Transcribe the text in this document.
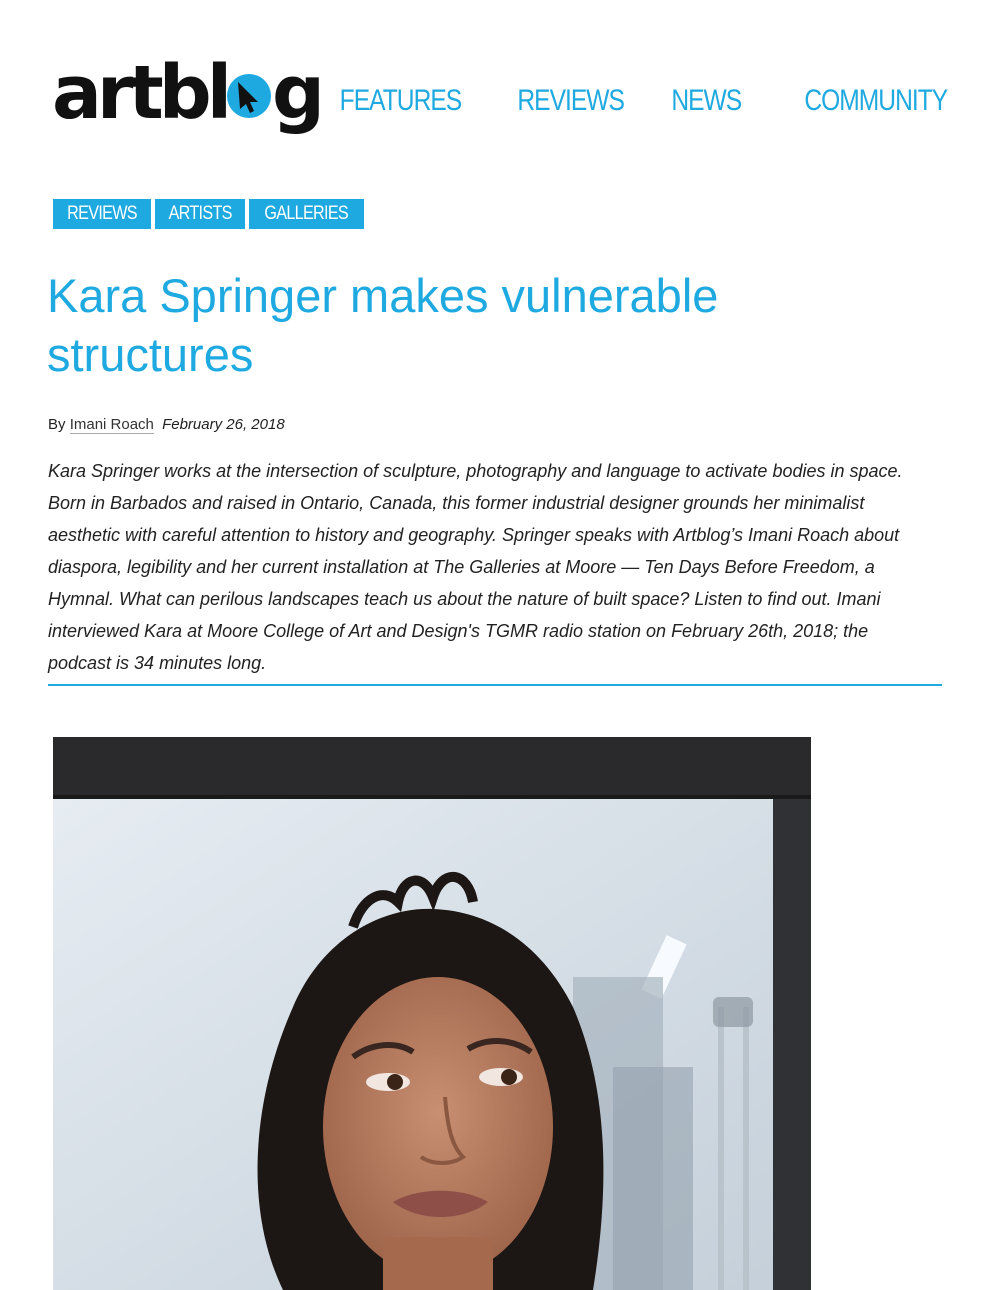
artbl g FEATURES REVIEWS NEWS COMMUNITY
REVIEWS	ARTISTS	GALLERIES
Kara Springer makes vulnerable structures
By Imani Roach February 26, 2018

Kara Springer works at the intersection of sculpture, photography and language to activate bodies in space. Born in Barbados and raised in Ontario, Canada, this former industrial designer grounds her minimalist aesthetic with careful attention to history and geography. Springer speaks with Artblog’s Imani Roach about diaspora, legibility and her current installation at The Galleries at Moore — Ten Days Before Freedom, a Hymnal. What can perilous landscapes teach us about the nature of built space? Listen to find out. Imani interviewed Kara at Moore College of Art and Design's TGMR radio station on February 26th, 2018; the podcast is 34 minutes long.
